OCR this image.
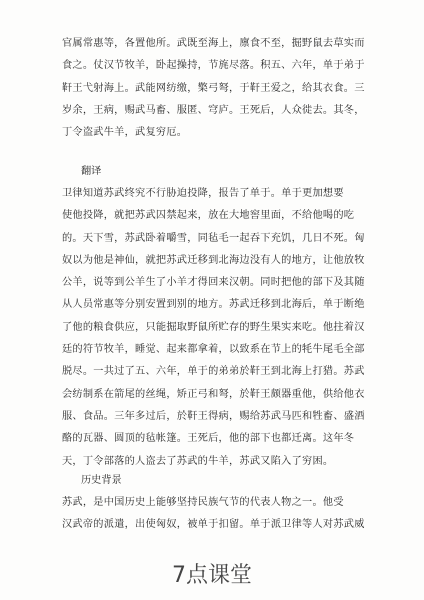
官属常惠等，各置他所。武既至海上，廪食不至，掘野鼠去草实而
食之。仗汉节牧羊，卧起操持，节旄尽落。积五、六年，单于弟于
靬王弋射海上。武能网纺缴，檠弓弩，于靬王爱之，给其衣食。三
岁余，王病，赐武马畜、服匿、穹庐。王死后，人众徙去。其冬，
丁令盗武牛羊，武复穷厄。
翻译
卫律知道苏武终究不行胁迫投降，报告了单于。单于更加想要
使他投降，就把苏武囚禁起来，放在大地窖里面，不给他喝的吃
的。天下雪，苏武卧着嚼雪，同毡毛一起吞下充饥，几日不死。匈
奴以为他是神仙，就把苏武迁移到北海边没有人的地方，让他放牧
公羊，说等到公羊生了小羊才得回来汉朝。同时把他的部下及其随
从人员常惠等分别安置到别的地方。苏武迁移到北海后，单于断绝
了他的粮食供应，只能掘取野鼠所贮存的野生果实来吃。他拄着汉
廷的符节牧羊，睡觉、起来都拿着，以致系在节上的牦牛尾毛全部
脱尽。一共过了五、六年，单于的弟弟於靬王到北海上打猎。苏武
会纺制系在箭尾的丝绳，矫正弓和弩，於靬王颇器重他，供给他衣
服、食品。三年多过后，於靬王得病，赐给苏武马匹和牲畜、盛酒
酪的瓦器、圆顶的毡帐篷。王死后，他的部下也都迁离。这年冬
天，丁令部落的人盗去了苏武的牛羊，苏武又陷入了穷困。
历史背景
苏武，是中国历史上能够坚持民族气节的代表人物之一。他受
汉武帝的派遣，出使匈奴，被单于扣留。单于派卫律等人对苏武威
7点课堂
